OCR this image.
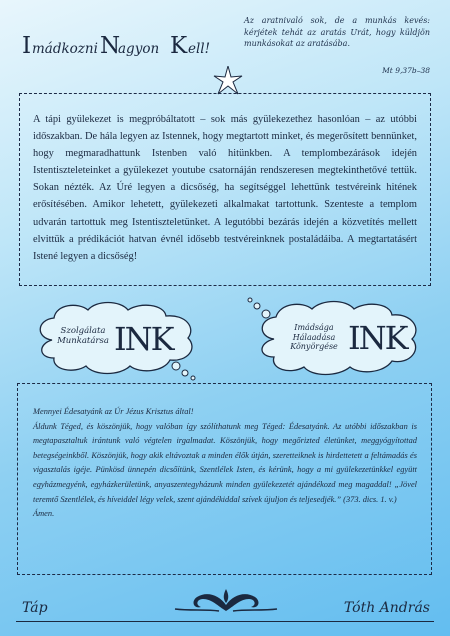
I mádkozni N
agyon K ell!
Az aratnivaló sok, de a munkás kevés: kérjétek tehát az aratás Urát, hogy küldjön munkásokat az aratásába.
Mt 9,37b–38

A tápi gyülekezet is megpróbáltatott – sok más gyülekezethez hasonlóan – az utóbbi időszakban. De hála legyen az Istennek, hogy megtartott minket, és megerősített bennünket, hogy megmaradhattunk Istenben való hitünkben. A templombezárások idején Istentiszteleteinket a gyülekezet youtube csatornáján rendszeresen megtekinthetővé tettük. Sokan nézték. Az Úré legyen a dicsőség, ha segítséggel lehettünk testvéreink hitének erősítésében. Amikor lehetett, gyülekezeti alkalmakat tartottunk. Szenteste a templom udvarán tartottuk meg Istentiszteletünket. A legutóbbi bezárás idején a közvetítés mellett elvittük a prédikációt hatvan évnél idősebb testvéreinknek postaládáiba. A megtartatásért Istené legyen a dicsőség!

Szolgálata
Munkatársa INK	Imádsága
Hálaadása
Könyörgése INK

Mennyei Édesatyánk az Úr Jézus Krisztus által!

Áldunk Téged, és köszönjük, hogy valóban így szólíthatunk meg Téged: Édesatyánk. Az utóbbi időszakban is megtapasztaltuk irántunk való végtelen irgalmadat. Köszönjük, hogy megőrizted életünket, meggyógyítottad betegségeinkből. Köszönjük, hogy akik eltávoztak a minden élők útján, szeretteiknek is hirdettetett a feltámadás és vigasztalás igéje. Pünkösd ünnepén dicsőítünk, Szentlélek Isten, és kérünk, hogy a mi gyülekezetünkkel együtt egyházmegyénk, egyházkerületünk, anyaszentegyházunk minden gyülekezetét ajándékozd meg magaddal! „Jövel teremtő Szentlélek, és híveiddel légy velek, szent ajándékiddal szívek újuljon és teljesedjék.” (373. dics. 1. v.)

Ámen.

Táp	Tóth András
